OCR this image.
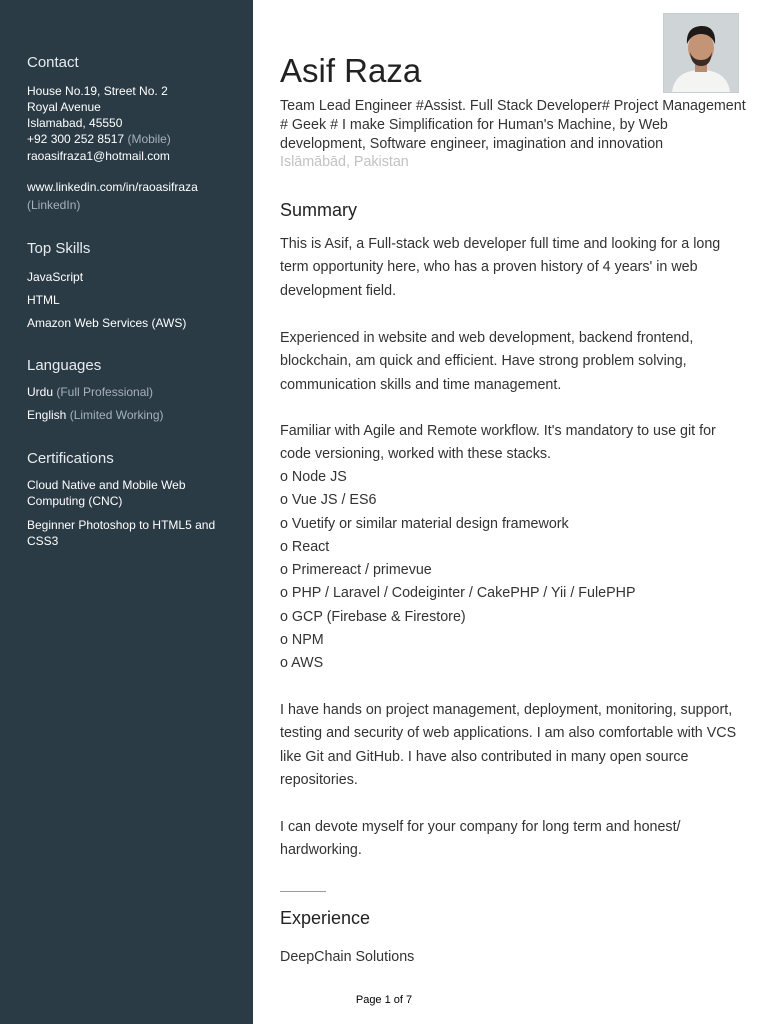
Contact
House No.19, Street No. 2
Royal Avenue
Islamabad, 45550
+92 300 252 8517 (Mobile)
raoasifraza1@hotmail.com
www.linkedin.com/in/raoasifraza
(LinkedIn)
Top Skills
JavaScript
HTML
Amazon Web Services (AWS)
Languages
Urdu (Full Professional)
English (Limited Working)
Certifications
Cloud Native and Mobile Web Computing (CNC)
Beginner Photoshop to HTML5 and CSS3
Asif Raza
Team Lead Engineer #Assist. Full Stack Developer# Project Management # Geek # I make Simplification for Human's Machine, by Web development, Software engineer, imagination and innovation
Islāmābād, Pakistan
Summary
This is Asif, a Full-stack web developer full time and looking for a long term opportunity here, who has a proven history of 4 years' in web development field.
Experienced in website and web development, backend frontend, blockchain, am quick and efficient. Have strong problem solving, communication skills and time management.
Familiar with Agile and Remote workflow. It's mandatory to use git for code versioning, worked with these stacks.
o Node JS
o Vue JS / ES6
o Vuetify or similar material design framework
o React
o Primereact / primevue
o PHP / Laravel / Codeiginter / CakePHP / Yii / FulePHP
o GCP (Firebase & Firestore)
o NPM
o AWS
I have hands on project management, deployment, monitoring, support, testing and security of web applications. I am also comfortable with VCS like Git and GitHub. I have also contributed in many open source repositories.
I can devote myself for your company for long term and honest/ hardworking.
Experience
DeepChain Solutions
Page 1 of 7
